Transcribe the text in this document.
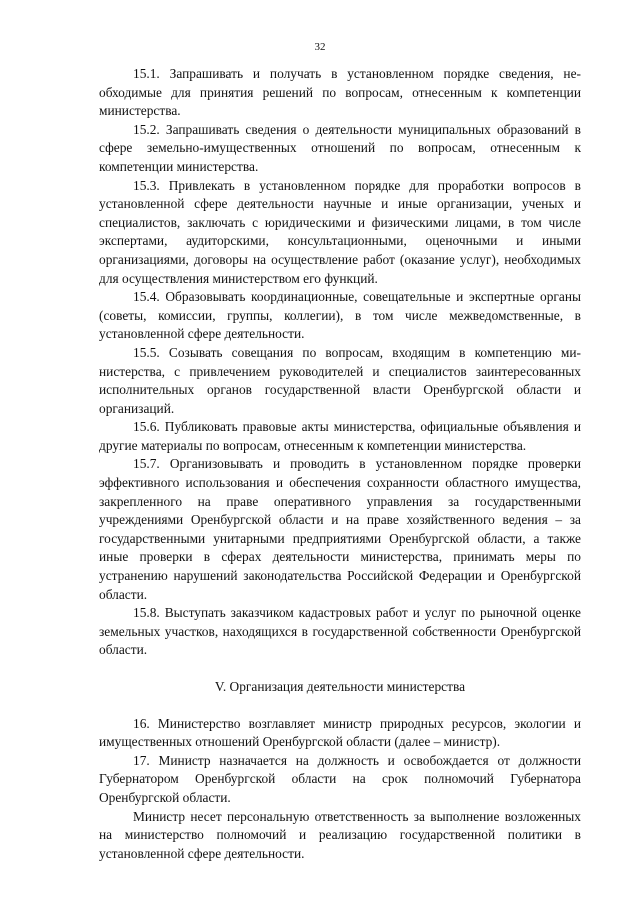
32

15.1. Запрашивать и получать в установленном порядке сведения, необходимые для принятия решений по вопросам, отнесенным к компетенции министерства.

15.2. Запрашивать сведения о деятельности муниципальных образований в сфере земельно-имущественных отношений по вопросам, отнесенным к компетенции министерства.

15.3. Привлекать в установленном порядке для проработки вопросов в установленной сфере деятельности научные и иные организации, ученых и специалистов, заключать с юридическими и физическими лицами, в том числе экспертами, аудиторскими, консультационными, оценочными и иными организациями, договоры на осуществление работ (оказание услуг), необходимых для осуществления министерством его функций.

15.4. Образовывать координационные, совещательные и экспертные органы (советы, комиссии, группы, коллегии), в том числе межведомственные, в установленной сфере деятельности.

15.5. Созывать совещания по вопросам, входящим в компетенцию министерства, с привлечением руководителей и специалистов заинтересованных исполнительных органов государственной власти Оренбургской области и организаций.

15.6. Публиковать правовые акты министерства, официальные объявления и другие материалы по вопросам, отнесенным к компетенции министерства.

15.7. Организовывать и проводить в установленном порядке проверки эффективного использования и обеспечения сохранности областного имущества, закрепленного на праве оперативного управления за государственными учреждениями Оренбургской области и на праве хозяйственного ведения – за государственными унитарными предприятиями Оренбургской области, а также иные проверки в сферах деятельности министерства, принимать меры по устранению нарушений законодательства Российской Федерации и Оренбургской области.

15.8. Выступать заказчиком кадастровых работ и услуг по рыночной оценке земельных участков, находящихся в государственной собственности Оренбургской области.

V. Организация деятельности министерства

16. Министерство возглавляет министр природных ресурсов, экологии и имущественных отношений Оренбургской области (далее – министр).

17. Министр назначается на должность и освобождается от должности Губернатором Оренбургской области на срок полномочий Губернатора Оренбургской области.

Министр несет персональную ответственность за выполнение возложенных на министерство полномочий и реализацию государственной политики в установленной сфере деятельности.
